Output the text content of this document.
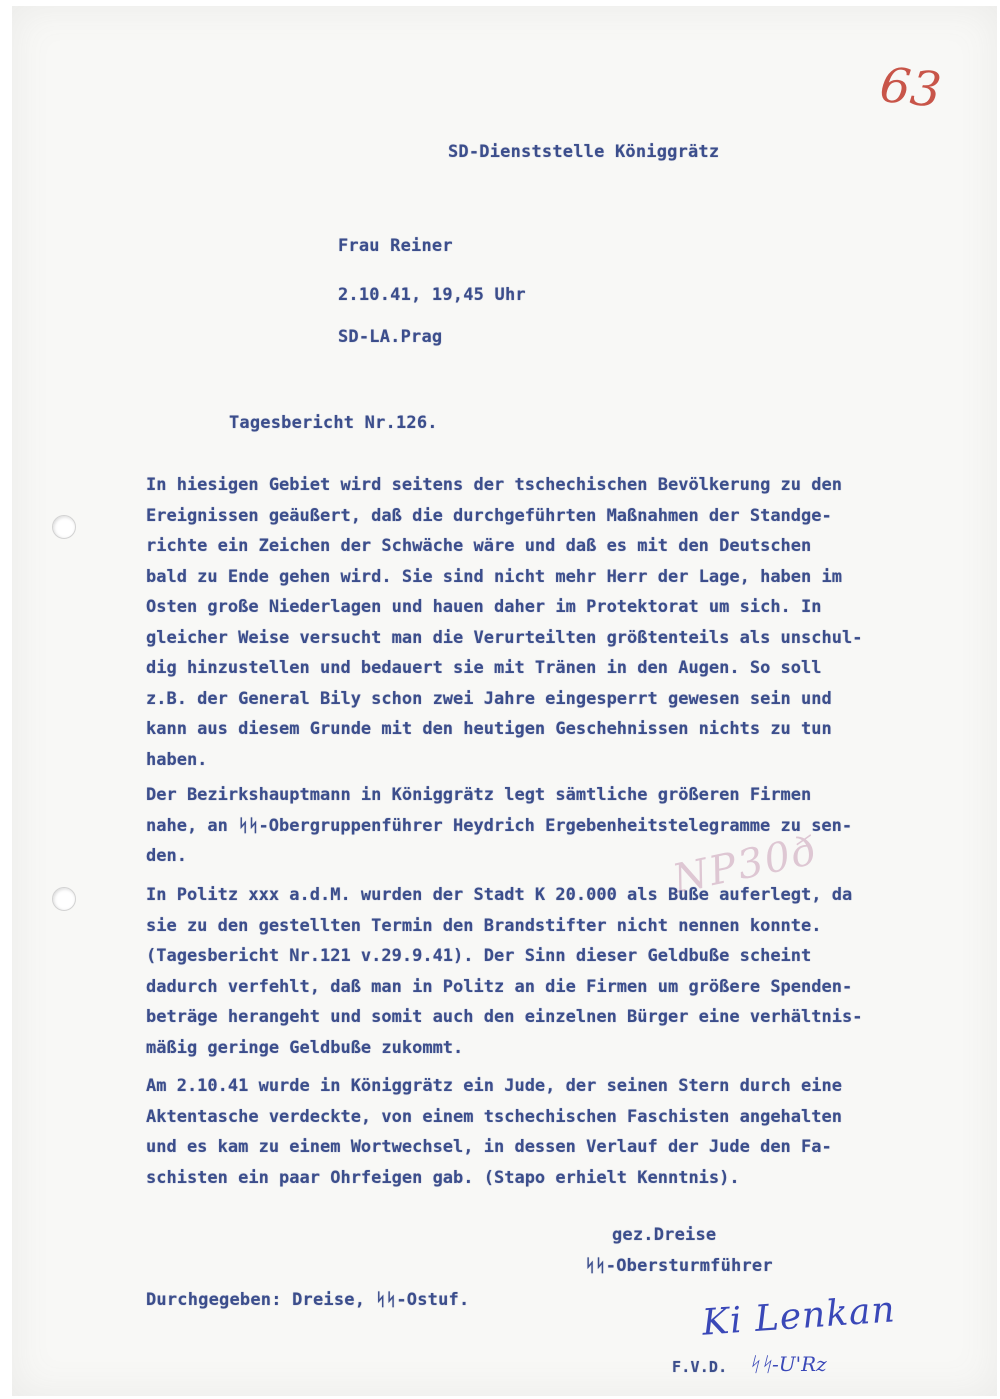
63
NP30ð
SD-Dienststelle Königgrätz
Frau Reiner
2.10.41, 19,45 Uhr
SD-LA.Prag
Tagesbericht Nr.126.
In hiesigen Gebiet wird seitens der tschechischen Bevölkerung zu den
Ereignissen geäußert, daß die durchgeführten Maßnahmen der Standge-
richte ein Zeichen der Schwäche wäre und daß es mit den Deutschen
bald zu Ende gehen wird. Sie sind nicht mehr Herr der Lage, haben im
Osten große Niederlagen und hauen daher im Protektorat um sich. In
gleicher Weise versucht man die Verurteilten größtenteils als unschul-
dig hinzustellen und bedauert sie mit Tränen in den Augen. So soll
z.B. der General Bily schon zwei Jahre eingesperrt gewesen sein und
kann aus diesem Grunde mit den heutigen Geschehnissen nichts zu tun
haben.
Der Bezirkshauptmann in Königgrätz legt sämtliche größeren Firmen
nahe, an ᛋᛋ-Obergruppenführer Heydrich Ergebenheitstelegramme zu sen-
den.
In Politz xxx a.d.M. wurden der Stadt K 20.000 als Buße auferlegt, da
sie zu den gestellten Termin den Brandstifter nicht nennen konnte.
(Tagesbericht Nr.121 v.29.9.41). Der Sinn dieser Geldbuße scheint
dadurch verfehlt, daß man in Politz an die Firmen um größere Spenden-
beträge herangeht und somit auch den einzelnen Bürger eine verhältnis-
mäßig geringe Geldbuße zukommt.
Am 2.10.41 wurde in Königgrätz ein Jude, der seinen Stern durch eine
Aktentasche verdeckte, von einem tschechischen Faschisten angehalten
und es kam zu einem Wortwechsel, in dessen Verlauf der Jude den Fa-
schisten ein paar Ohrfeigen gab. (Stapo erhielt Kenntnis).
gez.Dreise
ᛋᛋ-Obersturmführer
Durchgegeben: Dreise, ᛋᛋ-Ostuf.	Ki Lenkan
F.V.D. ᛋᛋ-U'Rz
